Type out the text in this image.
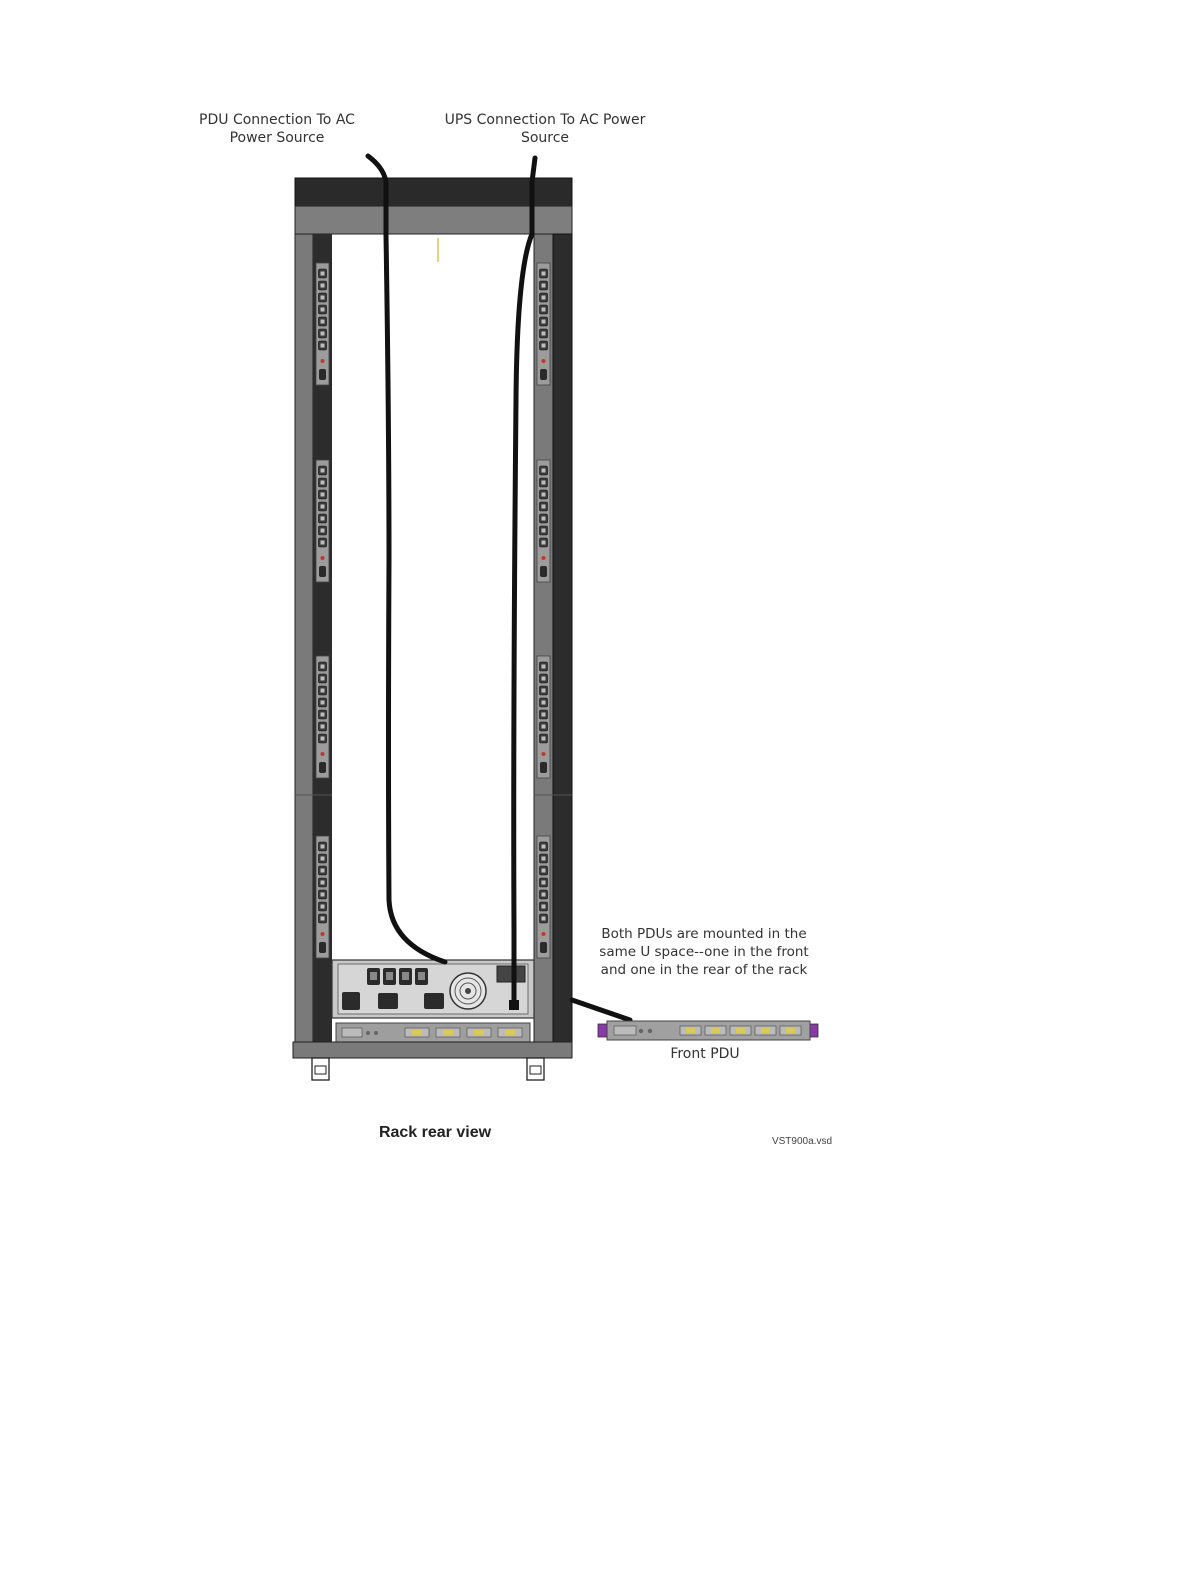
PDU Connection To AC
Power Source
UPS Connection To AC Power
Source
Both PDUs are mounted in the
same U space--one in the front
and one in the rear of the rack
Front PDU
Rack rear view
VST900a.vsd
